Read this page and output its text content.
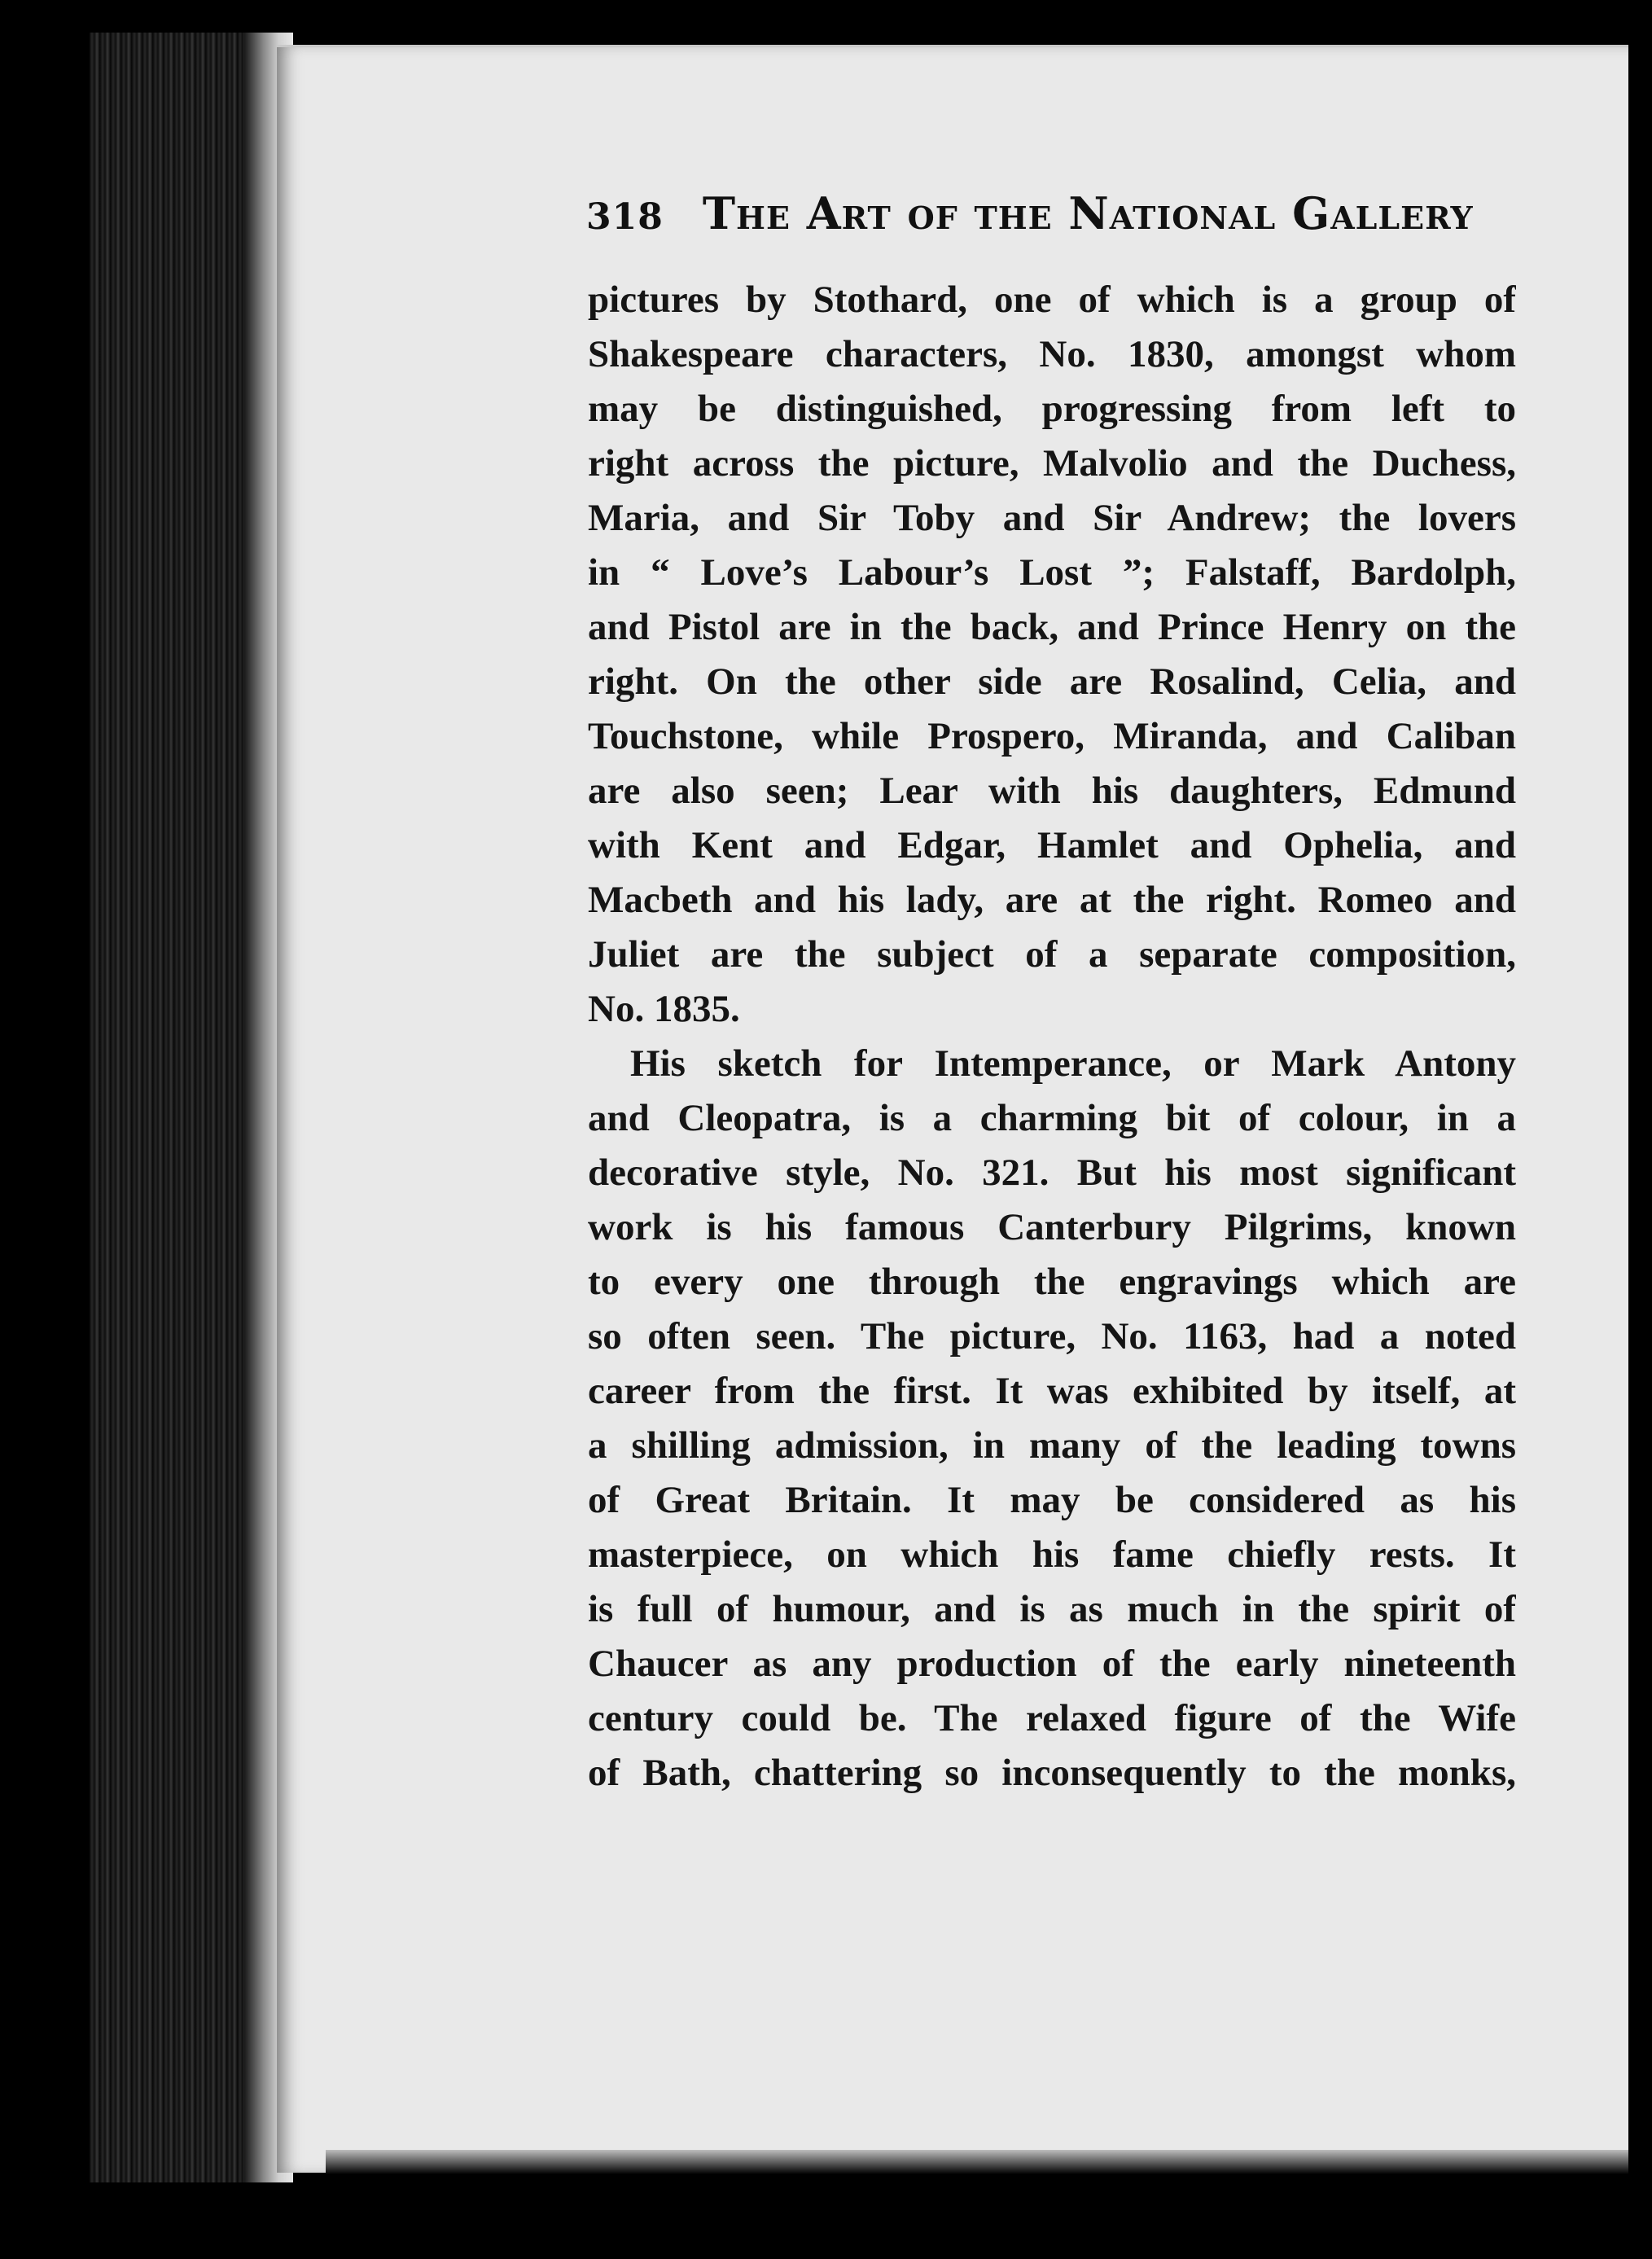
318 The Art of the National Gallery
pictures by Stothard, one of which is a group of
Shakespeare characters, No. 1830, amongst whom
may be distinguished, progressing from left to
right across the picture, Malvolio and the Duchess,
Maria, and Sir Toby and Sir Andrew; the lovers
in “ Love’s Labour’s Lost ”; Falstaff, Bardolph,
and Pistol are in the back, and Prince Henry on the
right. On the other side are Rosalind, Celia, and
Touchstone, while Prospero, Miranda, and Caliban
are also seen; Lear with his daughters, Edmund
with Kent and Edgar, Hamlet and Ophelia, and
Macbeth and his lady, are at the right. Romeo and
Juliet are the subject of a separate composition,
No. 1835.
His sketch for Intemperance, or Mark Antony
and Cleopatra, is a charming bit of colour, in a
decorative style, No. 321. But his most significant
work is his famous Canterbury Pilgrims, known
to every one through the engravings which are
so often seen. The picture, No. 1163, had a noted
career from the first. It was exhibited by itself, at
a shilling admission, in many of the leading towns
of Great Britain. It may be considered as his
masterpiece, on which his fame chiefly rests. It
is full of humour, and is as much in the spirit of
Chaucer as any production of the early nineteenth
century could be. The relaxed figure of the Wife
of Bath, chattering so inconsequently to the monks,
